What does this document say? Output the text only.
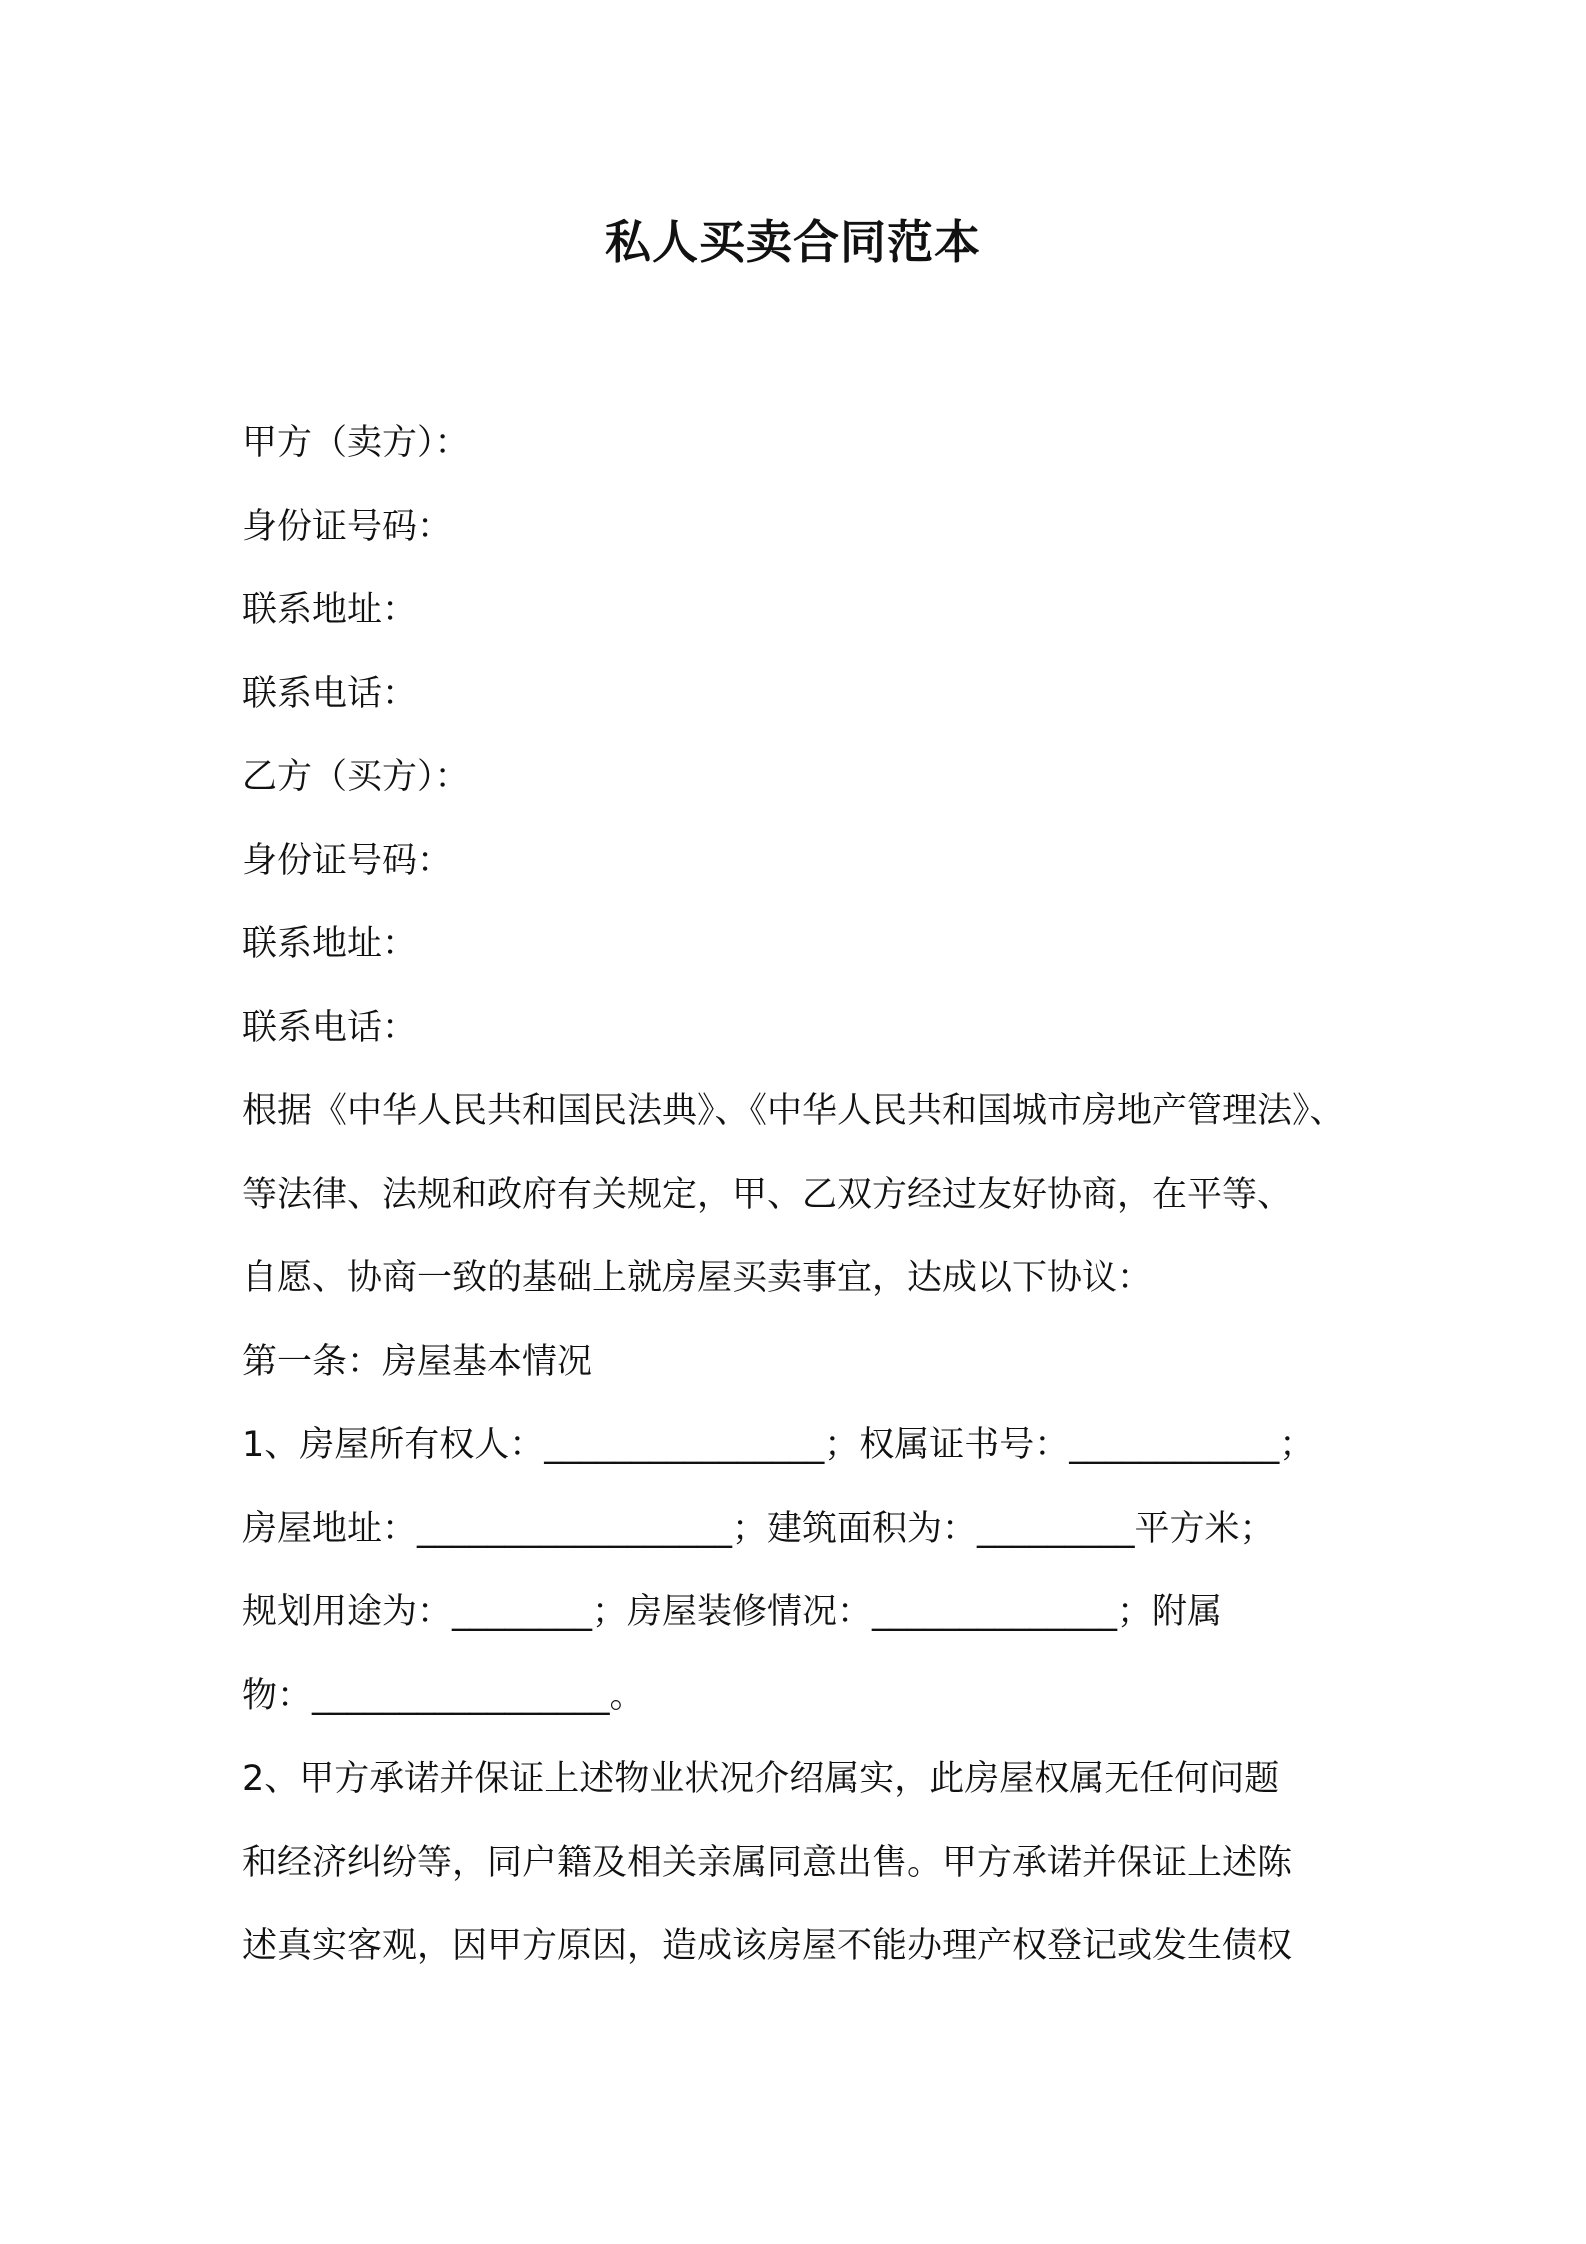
私人买卖合同范本
甲方（卖方）：
身份证号码：
联系地址：
联系电话：
乙方（买方）：
身份证号码：
联系地址：
联系电话：
根据《中华人民共和国民法典》、《中华人民共和国城市房地产管理法》、
等法律、法规和政府有关规定，甲、乙双方经过友好协商，在平等、
自愿、协商一致的基础上就房屋买卖事宜，达成以下协议：
第一条：房屋基本情况
1、房屋所有权人：________________；权属证书号：____________；
房屋地址：__________________；建筑面积为：_________平方米；
规划用途为：________；房屋装修情况：______________；附属
物：_________________。
2、甲方承诺并保证上述物业状况介绍属实，此房屋权属无任何问题
和经济纠纷等，同户籍及相关亲属同意出售。甲方承诺并保证上述陈
述真实客观，因甲方原因，造成该房屋不能办理产权登记或发生债权
